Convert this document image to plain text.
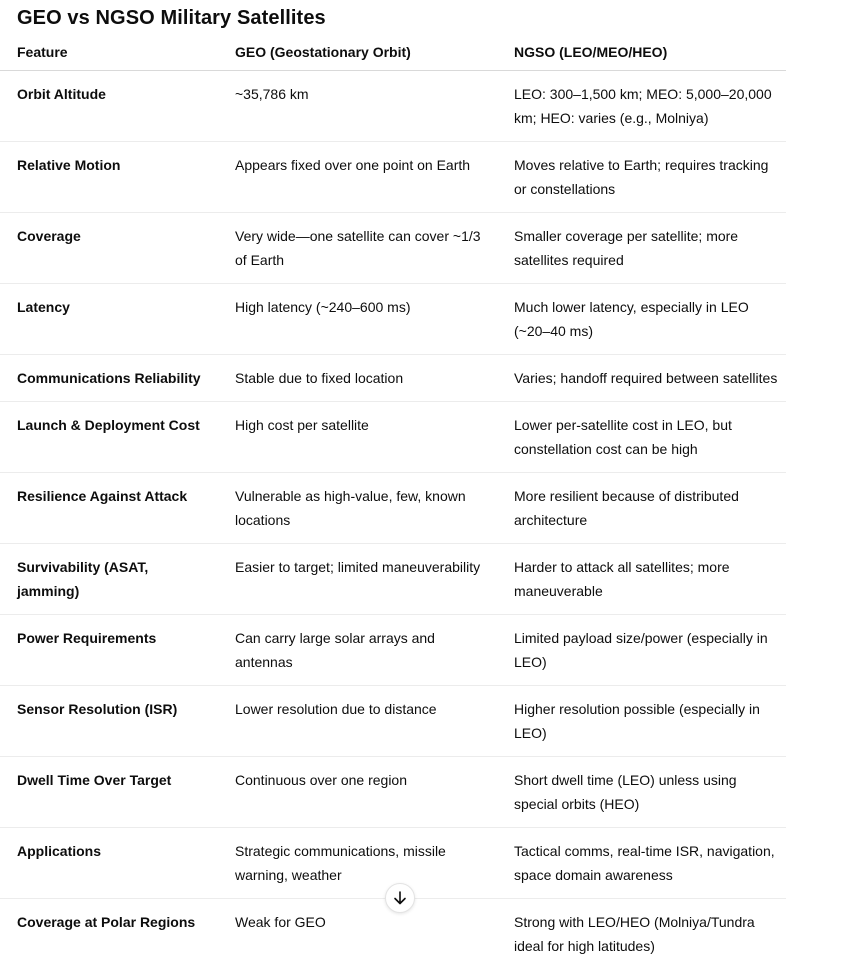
GEO vs NGSO Military Satellites
Feature	GEO (Geostationary Orbit)	NGSO (LEO/MEO/HEO)
Orbit Altitude	~35,786 km	LEO: 300–1,500 km; MEO: 5,000–20,000 km; HEO: varies (e.g., Molniya)
Relative Motion	Appears fixed over one point on Earth	Moves relative to Earth; requires tracking or constellations
Coverage	Very wide—one satellite can cover ~1/3 of Earth	Smaller coverage per satellite; more satellites required
Latency	High latency (~240–600 ms)	Much lower latency, especially in LEO (~20–40 ms)
Communications Reliability	Stable due to fixed location	Varies; handoff required between satellites
Launch & Deployment Cost	High cost per satellite	Lower per-satellite cost in LEO, but constellation cost can be high
Resilience Against Attack	Vulnerable as high-value, few, known locations	More resilient because of distributed architecture
Survivability (ASAT, jamming)	Easier to target; limited maneuverability	Harder to attack all satellites; more maneuverable
Power Requirements	Can carry large solar arrays and antennas	Limited payload size/power (especially in LEO)
Sensor Resolution (ISR)	Lower resolution due to distance	Higher resolution possible (especially in LEO)
Dwell Time Over Target	Continuous over one region	Short dwell time (LEO) unless using special orbits (HEO)
Applications	Strategic communications, missile warning, weather	Tactical comms, real-time ISR, navigation, space domain awareness
Coverage at Polar Regions	Weak for GEO	Strong with LEO/HEO (Molniya/Tundra ideal for high latitudes)
